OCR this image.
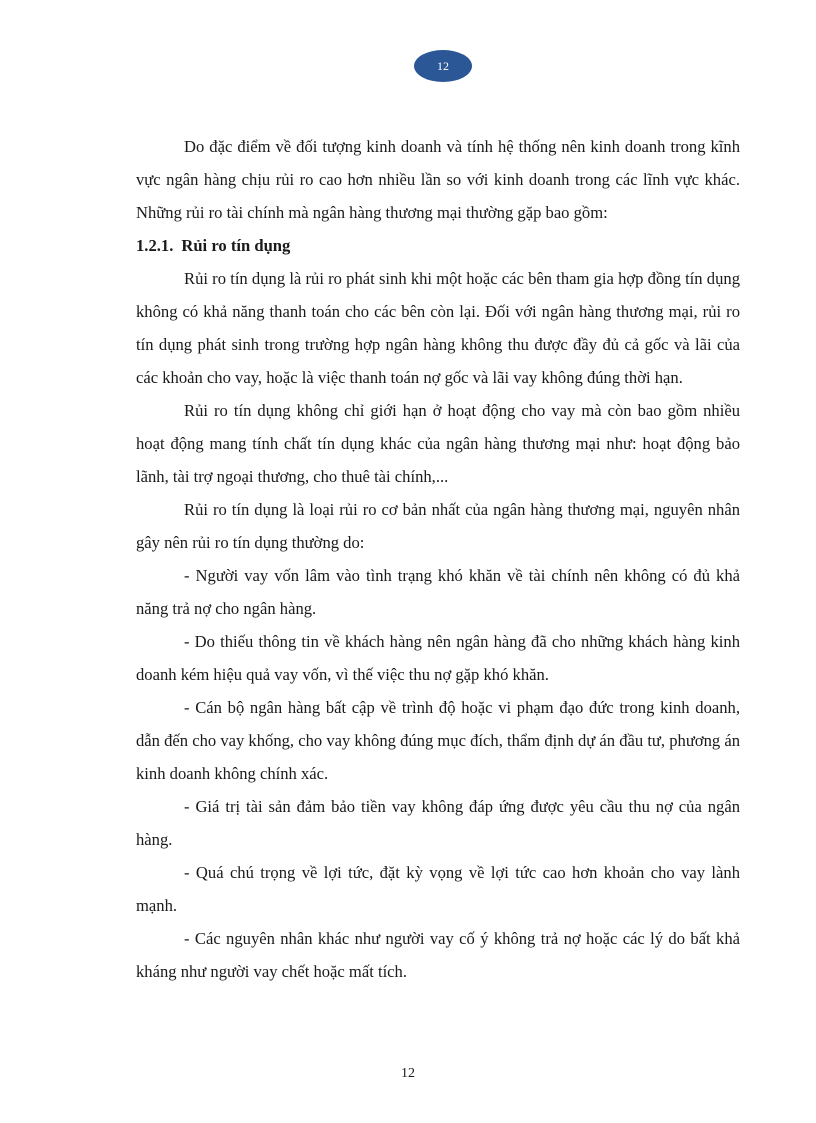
12

Do đặc điểm về đối tượng kinh doanh và tính hệ thống nên kinh doanh trong kĩnh vực ngân hàng chịu rủi ro cao hơn nhiều lần so với kinh doanh trong các lĩnh vực khác. Những rủi ro tài chính mà ngân hàng thương mại thường gặp bao gồm:

1.2.1. Rủi ro tín dụng

Rủi ro tín dụng là rủi ro phát sinh khi một hoặc các bên tham gia hợp đồng tín dụng không có khả năng thanh toán cho các bên còn lại. Đối với ngân hàng thương mại, rủi ro tín dụng phát sinh trong trường hợp ngân hàng không thu được đầy đủ cả gốc và lãi của các khoản cho vay, hoặc là việc thanh toán nợ gốc và lãi vay không đúng thời hạn.

Rủi ro tín dụng không chỉ giới hạn ở hoạt động cho vay mà còn bao gồm nhiều hoạt động mang tính chất tín dụng khác của ngân hàng thương mại như: hoạt động bảo lãnh, tài trợ ngoại thương, cho thuê tài chính,...

Rủi ro tín dụng là loại rủi ro cơ bản nhất của ngân hàng thương mại, nguyên nhân gây nên rủi ro tín dụng thường do:

- Người vay vốn lâm vào tình trạng khó khăn về tài chính nên không có đủ khả năng trả nợ cho ngân hàng.

- Do thiếu thông tin về khách hàng nên ngân hàng đã cho những khách hàng kinh doanh kém hiệu quả vay vốn, vì thế việc thu nợ gặp khó khăn.

- Cán bộ ngân hàng bất cập về trình độ hoặc vi phạm đạo đức trong kinh doanh, dẫn đến cho vay khống, cho vay không đúng mục đích, thẩm định dự án đầu tư, phương án kinh doanh không chính xác.

- Giá trị tài sản đảm bảo tiền vay không đáp ứng được yêu cầu thu nợ của ngân hàng.

- Quá chú trọng về lợi tức, đặt kỳ vọng về lợi tức cao hơn khoản cho vay lành mạnh.

- Các nguyên nhân khác như người vay cố ý không trả nợ hoặc các lý do bất khả kháng như người vay chết hoặc mất tích.

12
